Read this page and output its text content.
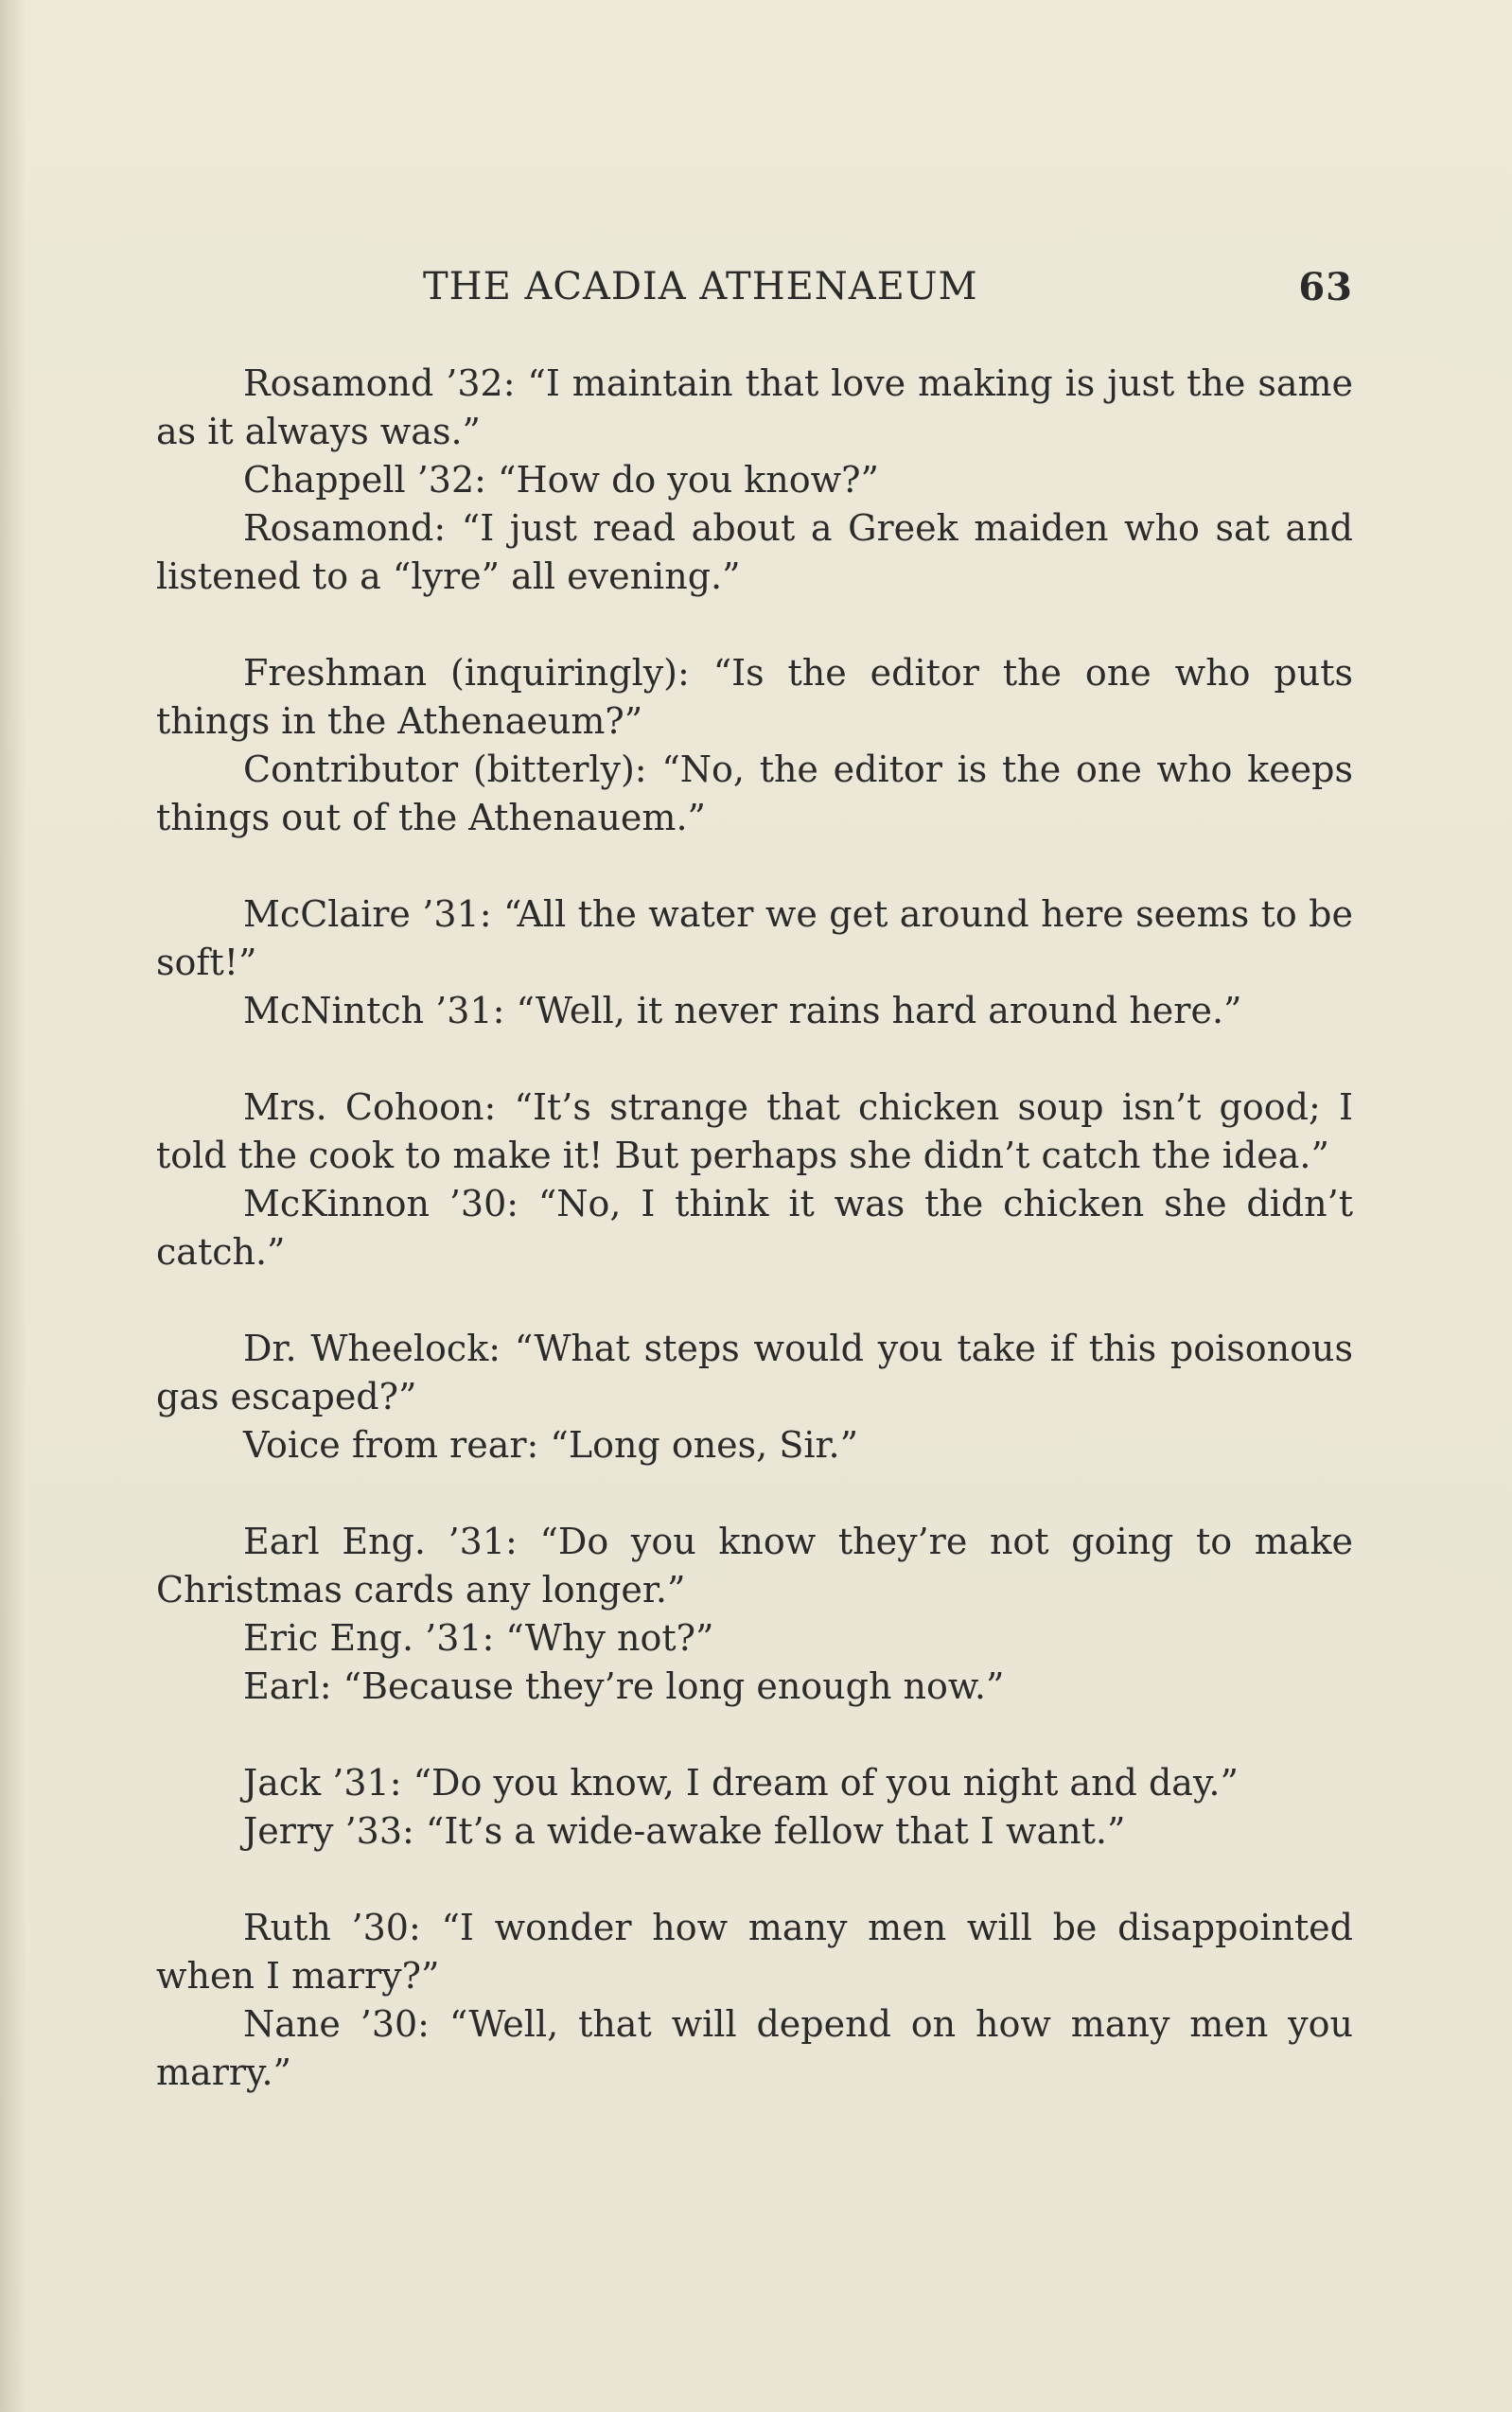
THE ACADIA ATHENAEUM	63

Rosamond ’32: “I maintain that love making is just the same as it always was.”

Chappell ’32: “How do you know?”

Rosamond: “I just read about a Greek maiden who sat and listened to a “lyre” all evening.”

Freshman (inquiringly): “Is the editor the one who puts things in the Athenaeum?”

Contributor (bitterly): “No, the editor is the one who keeps things out of the Athenauem.”

McClaire ’31: “All the water we get around here seems to be soft!”

McNintch ’31: “Well, it never rains hard around here.”

Mrs. Cohoon: “It’s strange that chicken soup isn’t good; I told the cook to make it! But perhaps she didn’t catch the idea.”

McKinnon ’30: “No, I think it was the chicken she didn’t catch.”

Dr. Wheelock: “What steps would you take if this poisonous gas escaped?”

Voice from rear: “Long ones, Sir.”

Earl Eng. ’31: “Do you know they’re not going to make Christmas cards any longer.”

Eric Eng. ’31: “Why not?”

Earl: “Because they’re long enough now.”

Jack ’31: “Do you know, I dream of you night and day.”

Jerry ’33: “It’s a wide-awake fellow that I want.”

Ruth ’30: “I wonder how many men will be disappointed when I marry?”

Nane ’30: “Well, that will depend on how many men you marry.”
